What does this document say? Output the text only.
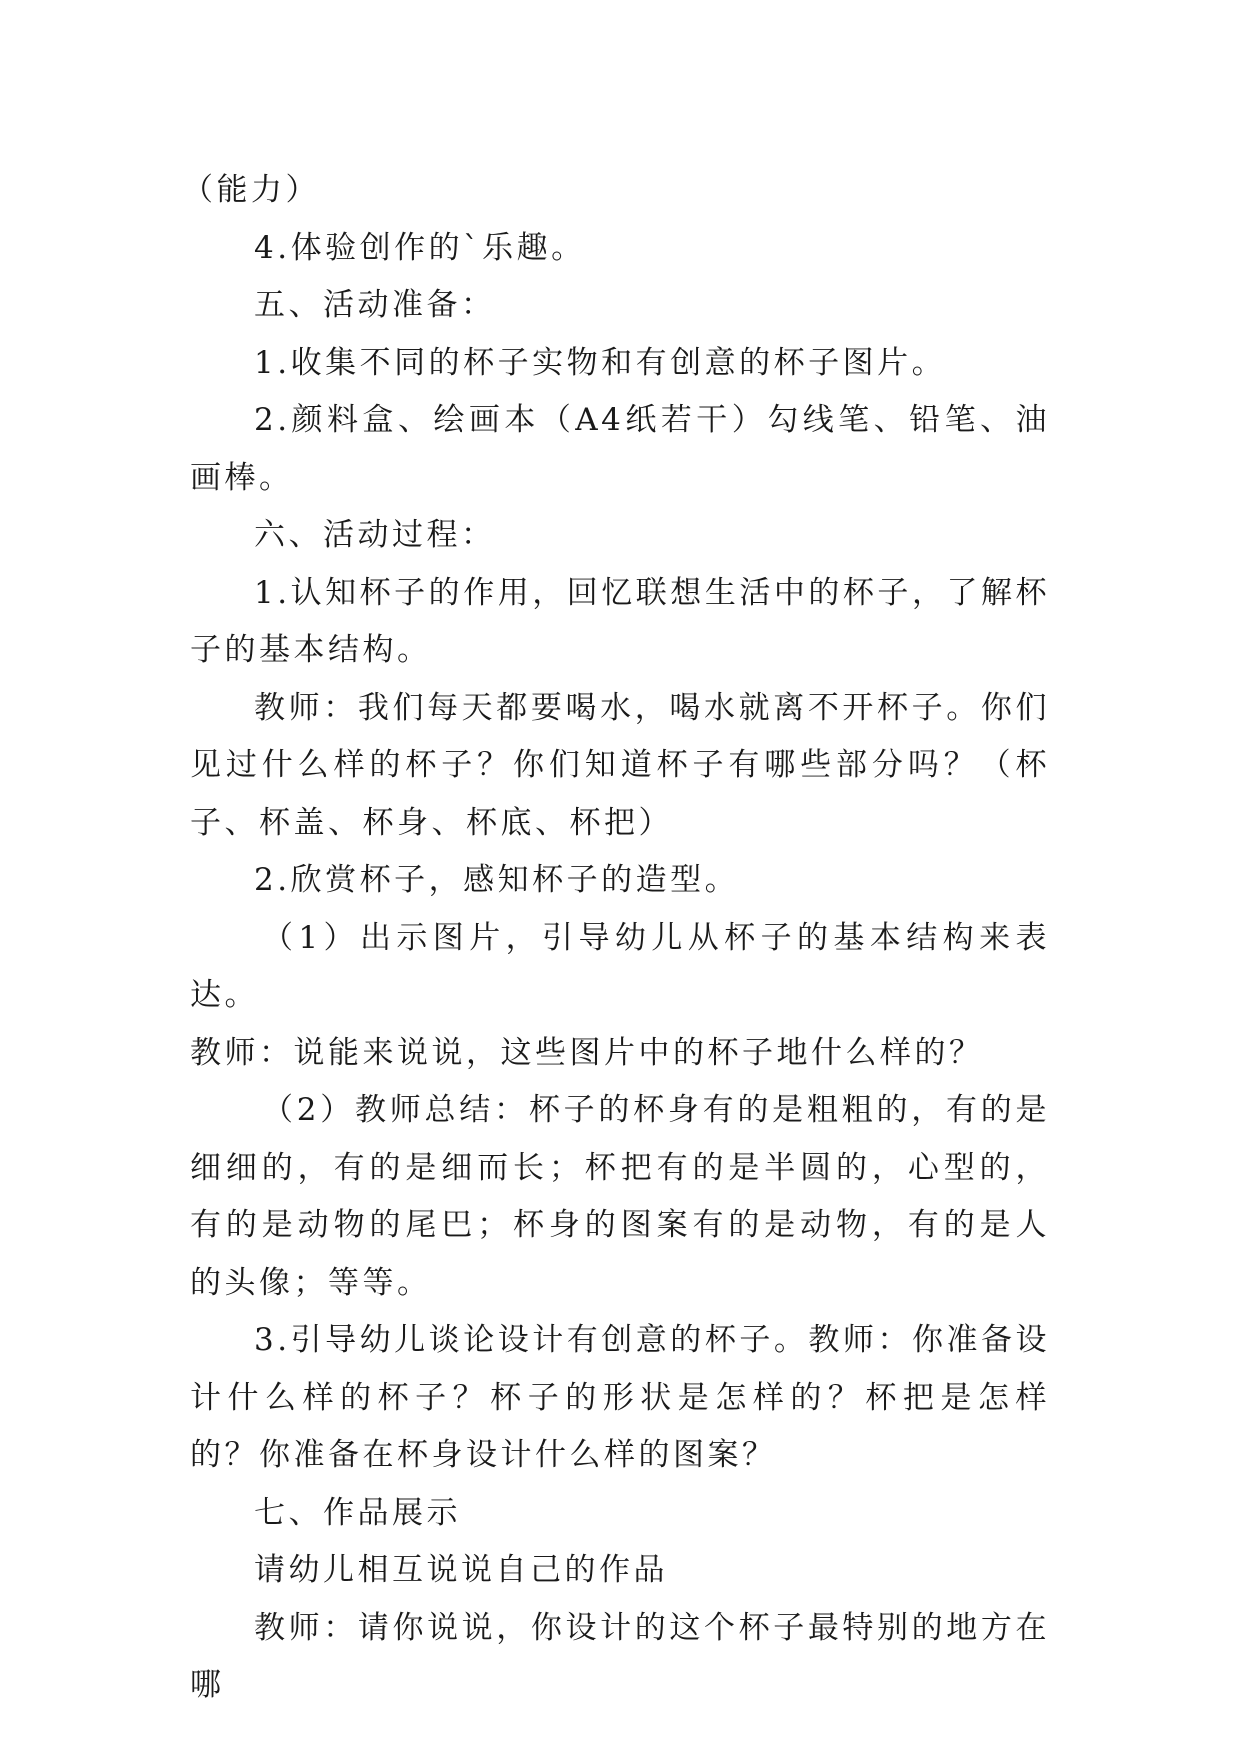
（能力）

4.体验创作的`乐趣。

五、活动准备：

1.收集不同的杯子实物和有创意的杯子图片。

2.颜料盒、绘画本（A4纸若干）勾线笔、铅笔、油画棒。

六、活动过程：

1.认知杯子的作用，回忆联想生活中的杯子，了解杯子的基本结构。

教师：我们每天都要喝水，喝水就离不开杯子。你们见过什么样的杯子？你们知道杯子有哪些部分吗？（杯子、杯盖、杯身、杯底、杯把）

2.欣赏杯子，感知杯子的造型。

（1）出示图片，引导幼儿从杯子的基本结构来表达。

教师：说能来说说，这些图片中的杯子地什么样的？

（2）教师总结：杯子的杯身有的是粗粗的，有的是细细的，有的是细而长；杯把有的是半圆的，心型的，有的是动物的尾巴；杯身的图案有的是动物，有的是人的头像；等等。

3.引导幼儿谈论设计有创意的杯子。教师：你准备设计什么样的杯子？杯子的形状是怎样的？杯把是怎样的？你准备在杯身设计什么样的图案？

七、作品展示

请幼儿相互说说自己的作品

教师：请你说说，你设计的这个杯子最特别的地方在哪
